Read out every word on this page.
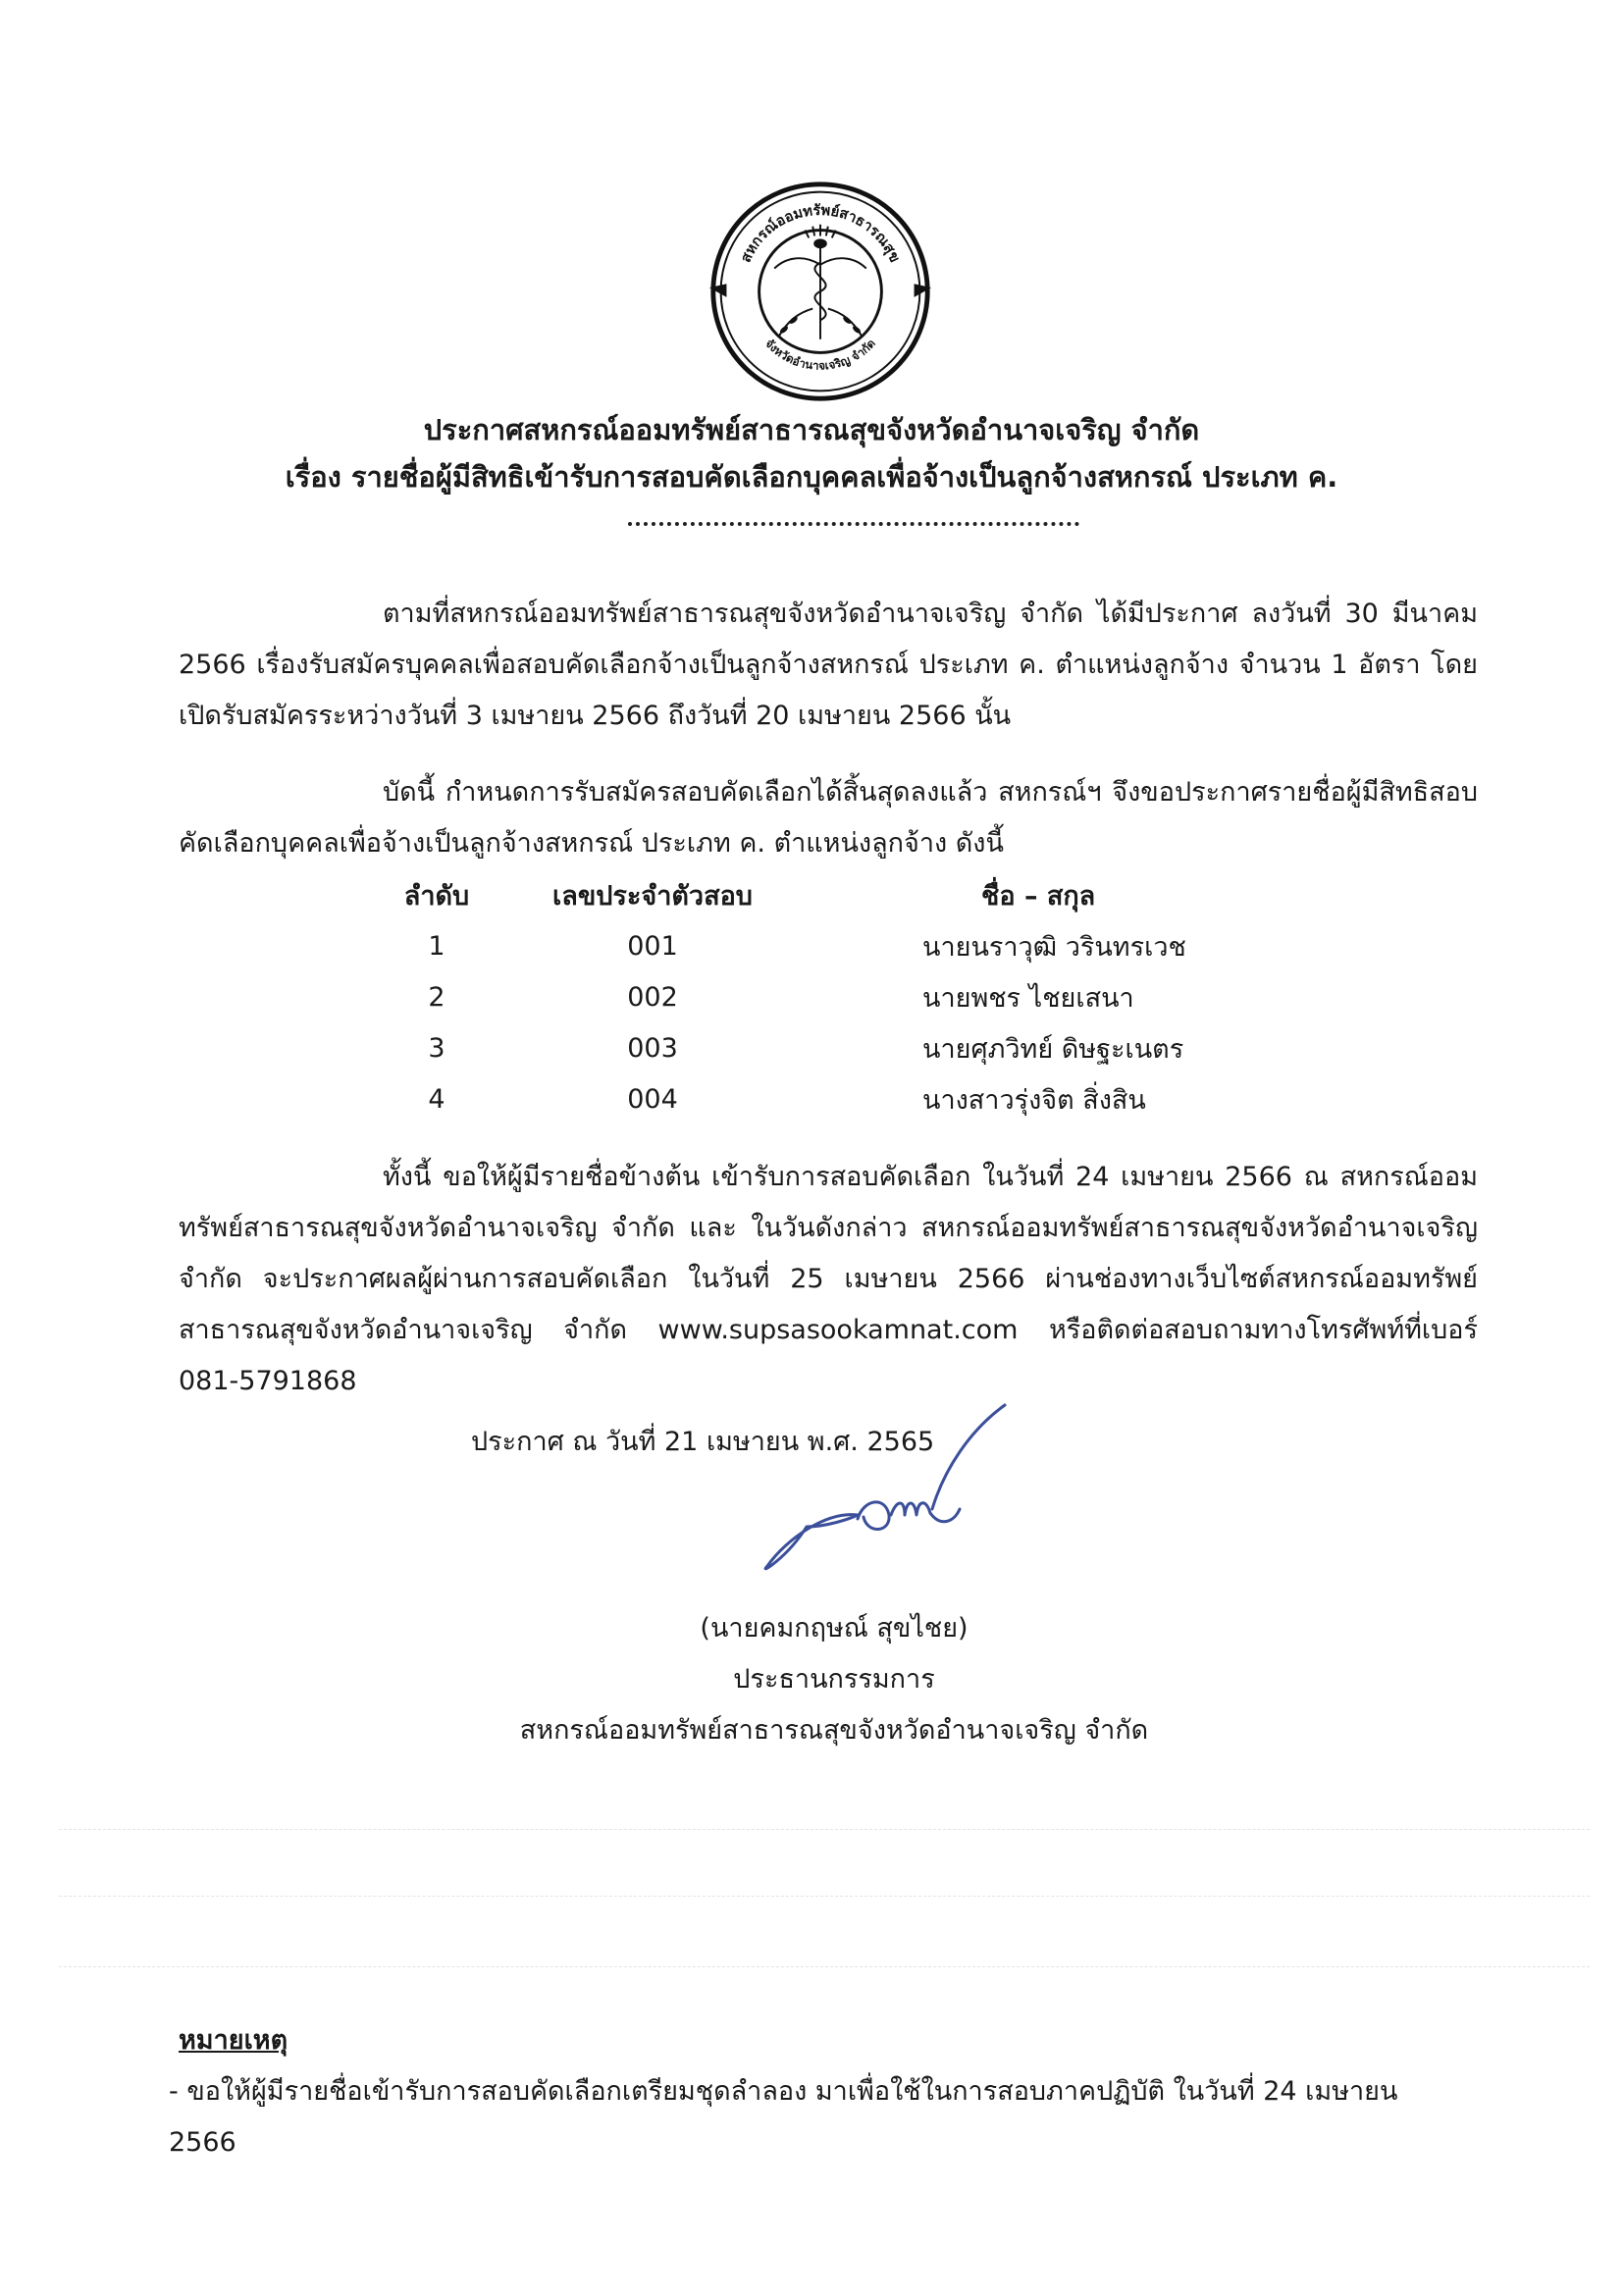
สหกรณ์ออมทรัพย์สาธารณสุข
จังหวัดอำนาจเจริญ จำกัด
ประกาศสหกรณ์ออมทรัพย์สาธารณสุขจังหวัดอำนาจเจริญ จำกัด
เรื่อง รายชื่อผู้มีสิทธิเข้ารับการสอบคัดเลือกบุคคลเพื่อจ้างเป็นลูกจ้างสหกรณ์ ประเภท ค.

ตามที่สหกรณ์ออมทรัพย์สาธารณสุขจังหวัดอำนาจเจริญ จำกัด ได้มีประกาศ ลงวันที่ 30 มีนาคม 2566 เรื่องรับสมัครบุคคลเพื่อสอบคัดเลือกจ้างเป็นลูกจ้างสหกรณ์ ประเภท ค. ตำแหน่งลูกจ้าง จำนวน 1 อัตรา โดยเปิดรับสมัครระหว่างวันที่ 3 เมษายน 2566 ถึงวันที่ 20 เมษายน 2566 นั้น

บัดนี้ กำหนดการรับสมัครสอบคัดเลือกได้สิ้นสุดลงแล้ว สหกรณ์ฯ จึงขอประกาศรายชื่อผู้มีสิทธิสอบคัดเลือกบุคคลเพื่อจ้างเป็นลูกจ้างสหกรณ์ ประเภท ค. ตำแหน่งลูกจ้าง ดังนี้

ลำดับ	เลขประจำตัวสอบ	ชื่อ – สกุล
1	001	นายนราวุฒิ วรินทรเวช
2	002	นายพชร ไชยเสนา
3	003	นายศุภวิทย์ ดิษฐะเนตร
4	004	นางสาวรุ่งจิต สิ่งสิน

ทั้งนี้ ขอให้ผู้มีรายชื่อข้างต้น เข้ารับการสอบคัดเลือก ในวันที่ 24 เมษายน 2566 ณ สหกรณ์ออมทรัพย์สาธารณสุขจังหวัดอำนาจเจริญ จำกัด และ ในวันดังกล่าว สหกรณ์ออมทรัพย์สาธารณสุขจังหวัดอำนาจเจริญ จำกัด จะประกาศผลผู้ผ่านการสอบคัดเลือก ในวันที่ 25 เมษายน 2566 ผ่านช่องทางเว็บไซต์สหกรณ์ออมทรัพย์สาธารณสุขจังหวัดอำนาจเจริญ จำกัด www.supsasookamnat.com หรือติดต่อสอบถามทางโทรศัพท์ที่เบอร์ 081-5791868

ประกาศ ณ วันที่ 21 เมษายน พ.ศ. 2565
(นายคมกฤษณ์ สุขไชย)
ประธานกรรมการ
สหกรณ์ออมทรัพย์สาธารณสุขจังหวัดอำนาจเจริญ จำกัด
หมายเหตุ
- ขอให้ผู้มีรายชื่อเข้ารับการสอบคัดเลือกเตรียมชุดลำลอง มาเพื่อใช้ในการสอบภาคปฏิบัติ ในวันที่ 24 เมษายน 2566
